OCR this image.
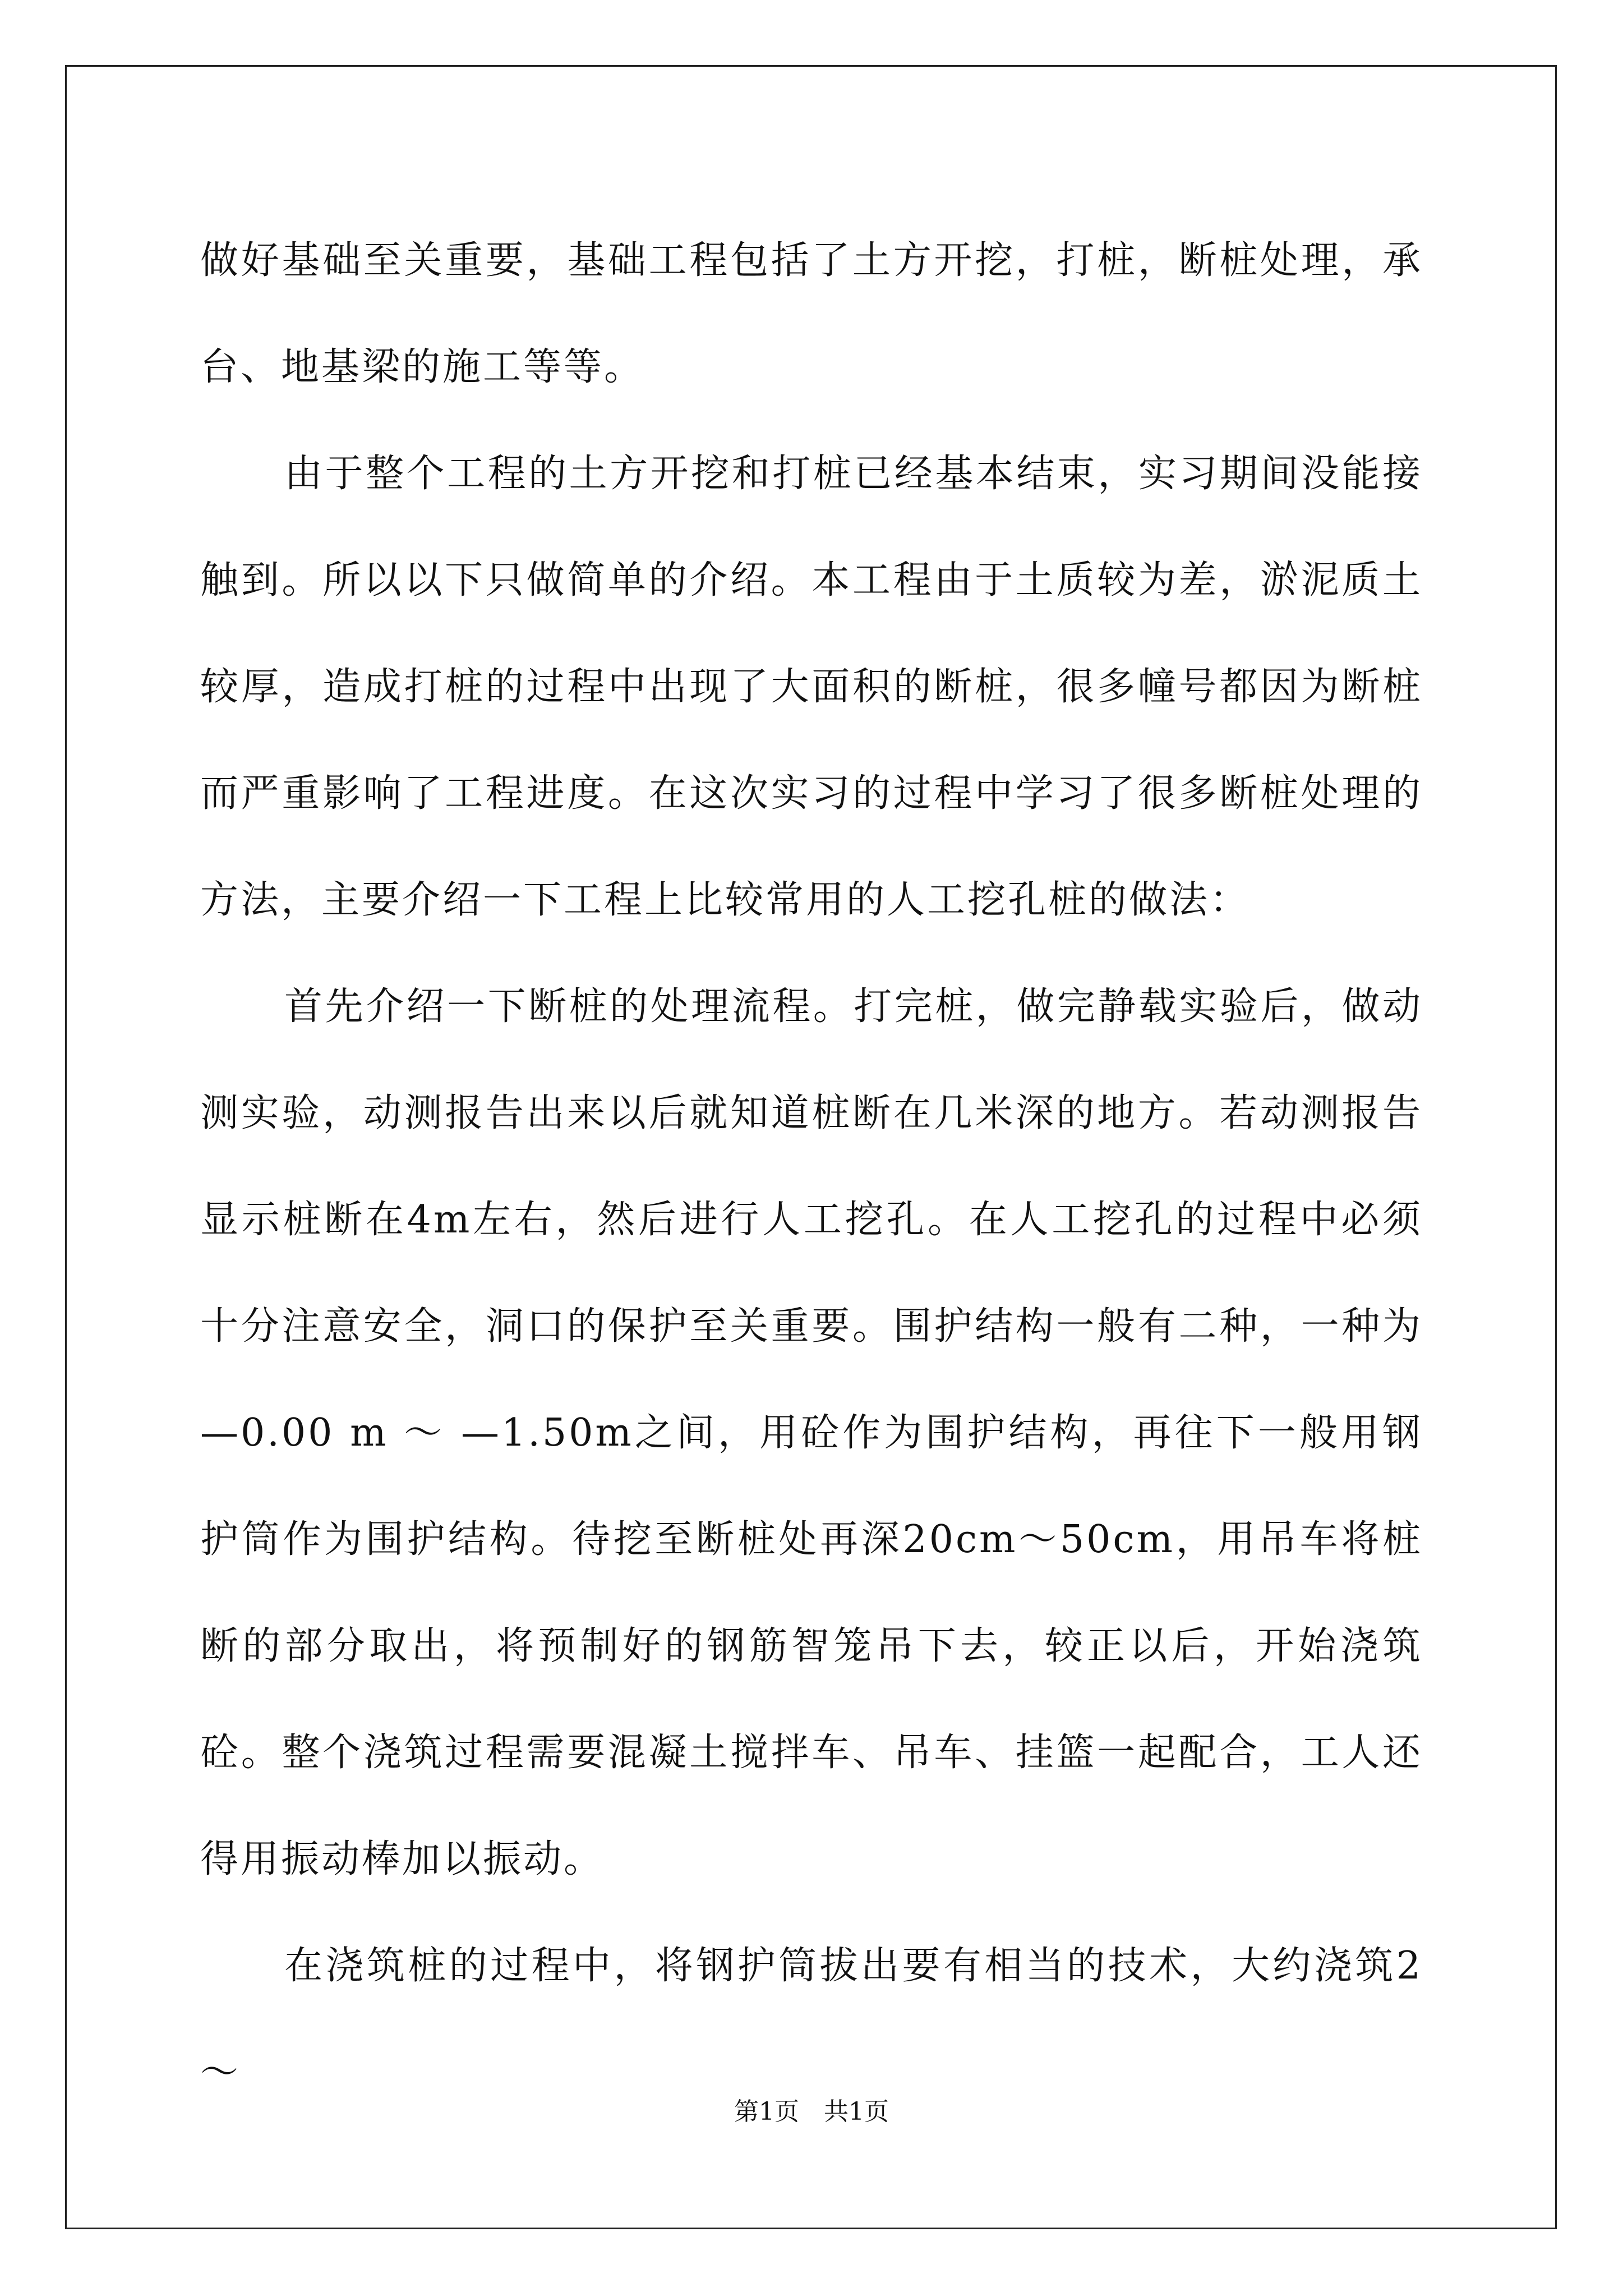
做好基础至关重要，基础工程包括了土方开挖，打桩，断桩处理，承台、地基梁的施工等等。

由于整个工程的土方开挖和打桩已经基本结束，实习期间没能接触到。所以以下只做简单的介绍。本工程由于土质较为差，淤泥质土较厚，造成打桩的过程中出现了大面积的断桩，很多幢号都因为断桩而严重影响了工程进度。在这次实习的过程中学习了很多断桩处理的方法，主要介绍一下工程上比较常用的人工挖孔桩的做法：

首先介绍一下断桩的处理流程。打完桩，做完静载实验后，做动测实验，动测报告出来以后就知道桩断在几米深的地方。若动测报告显示桩断在4m左右，然后进行人工挖孔。在人工挖孔的过程中必须十分注意安全，洞口的保护至关重要。围护结构一般有二种，一种为—0.00 m ～ —1.50m之间，用砼作为围护结构，再往下一般用钢护筒作为围护结构。待挖至断桩处再深20cm～50cm，用吊车将桩断的部分取出，将预制好的钢筋智笼吊下去，较正以后，开始浇筑砼。整个浇筑过程需要混凝土搅拌车、吊车、挂篮一起配合，工人还得用振动棒加以振动。

在浇筑桩的过程中，将钢护筒拔出要有相当的技术，大约浇筑2～

第1页　共1页
